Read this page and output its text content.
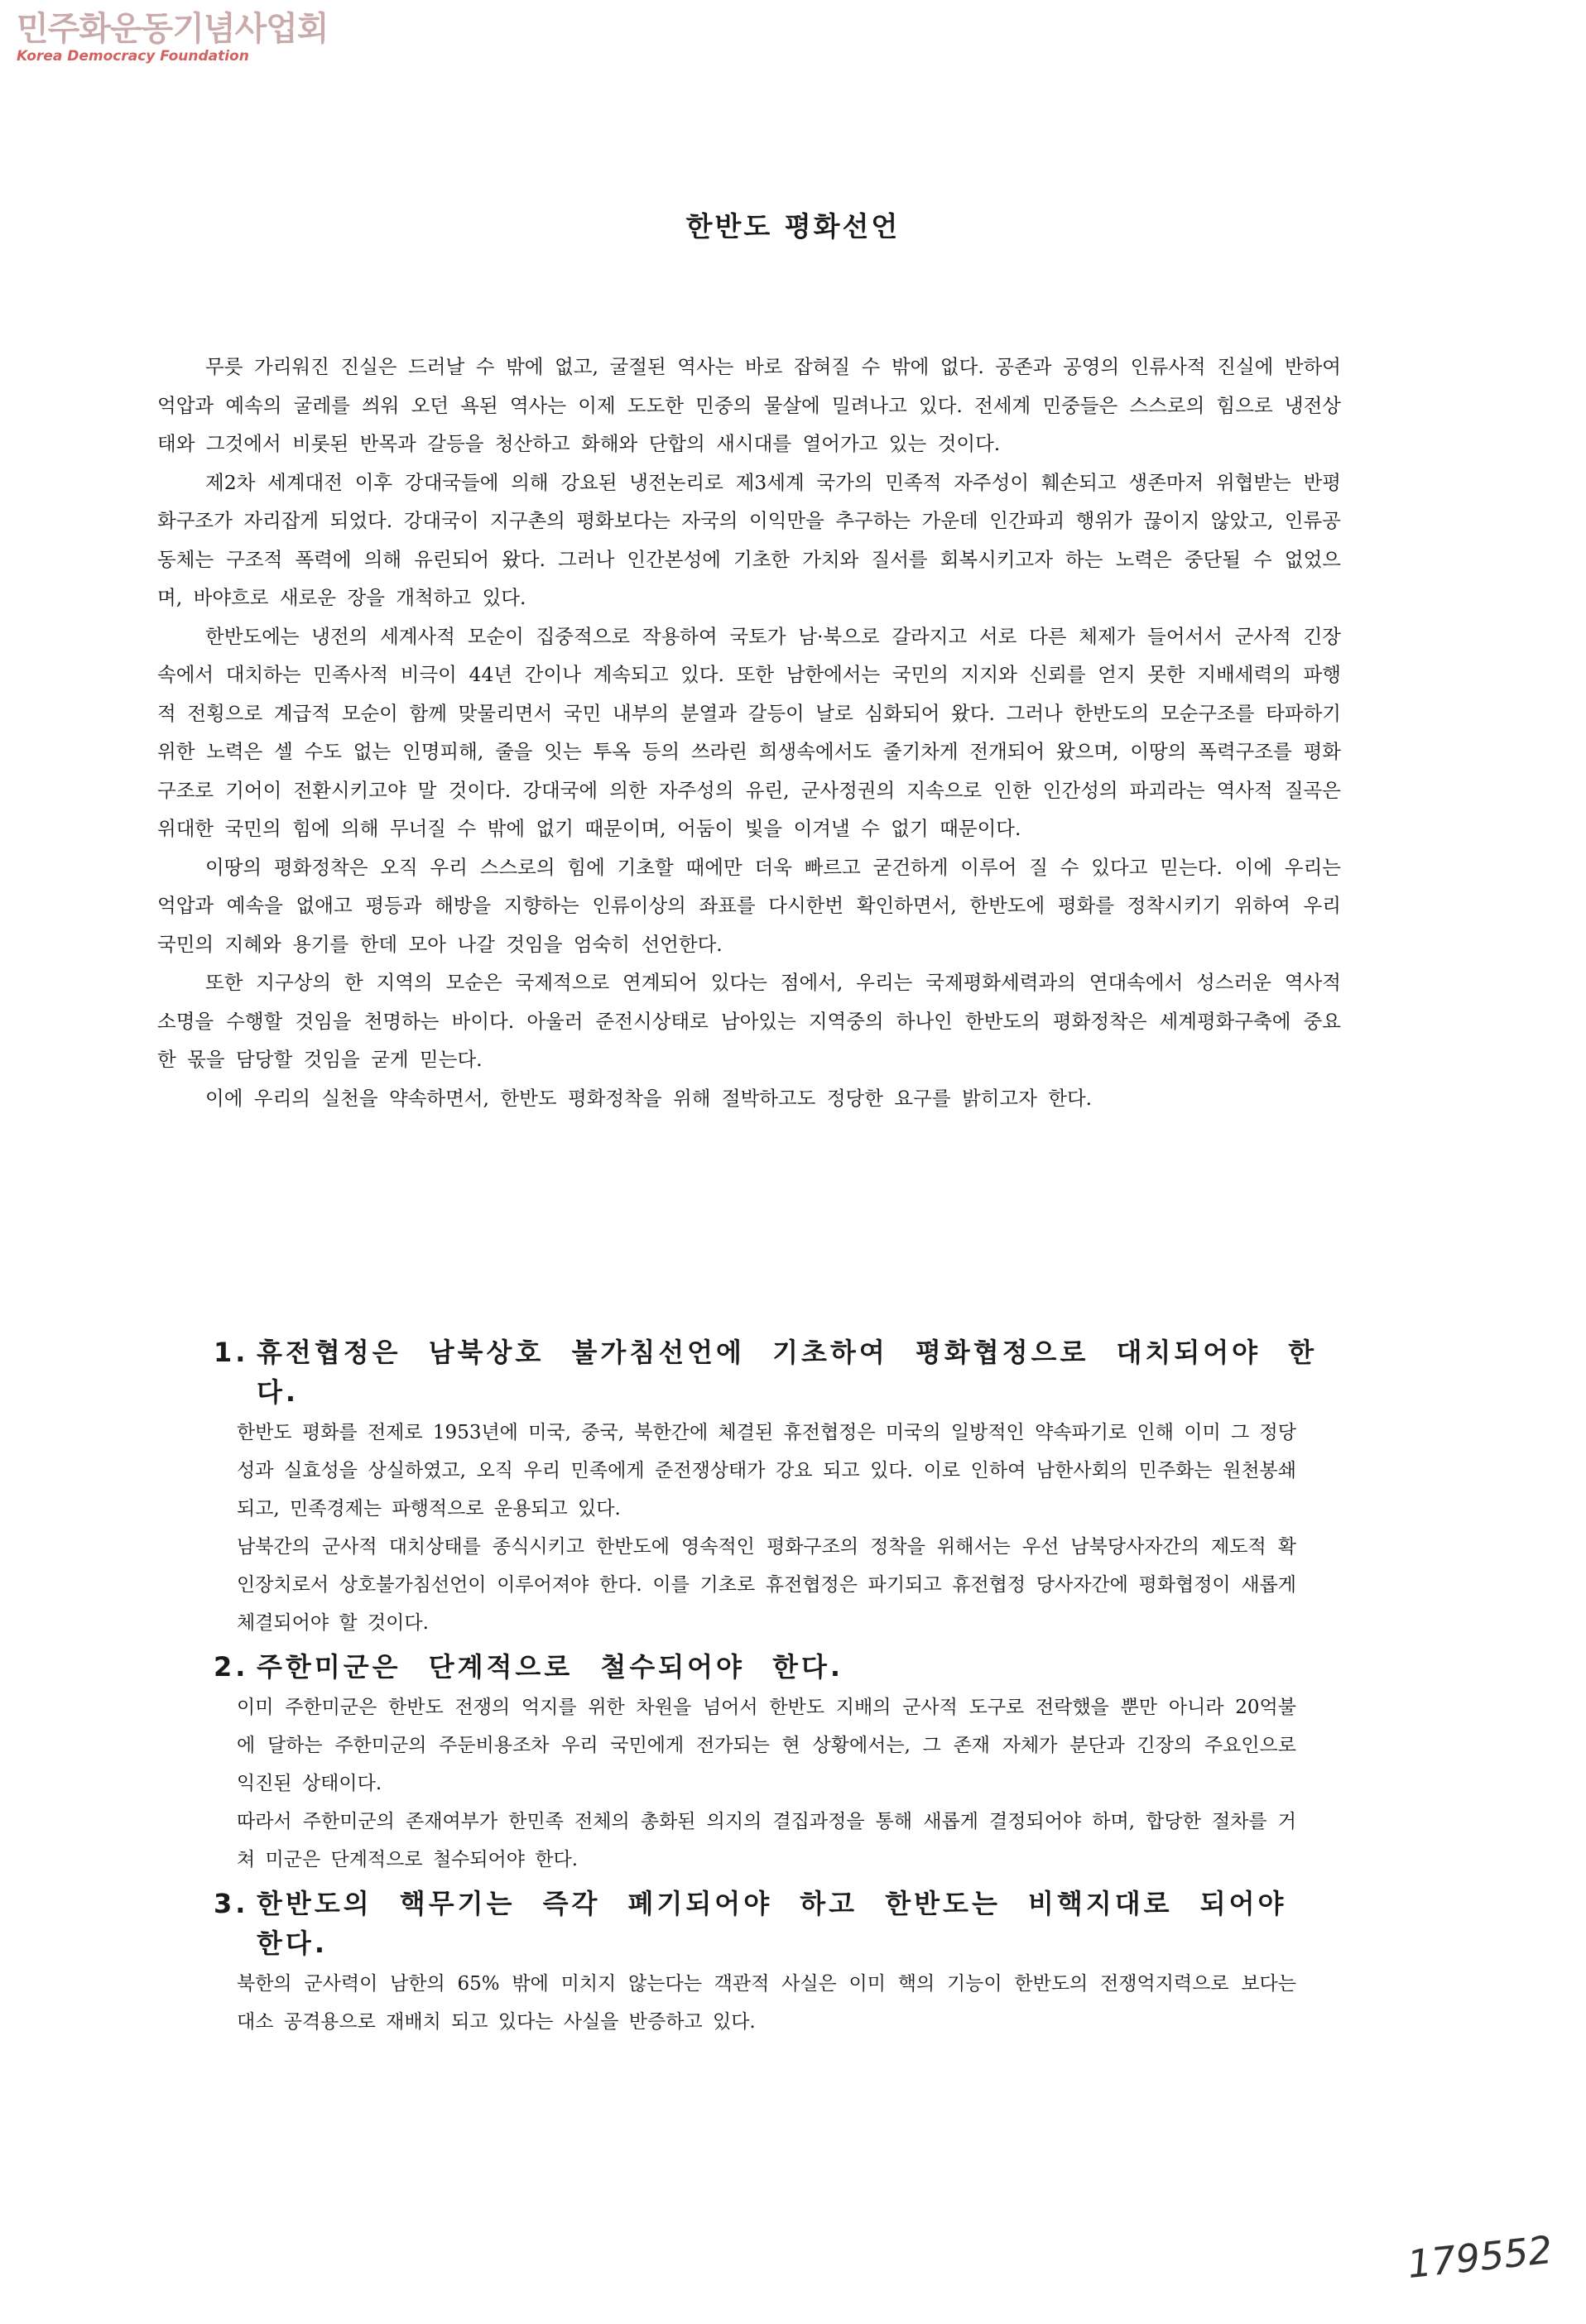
민주화운동기념사업회
Korea Democracy Foundation
한반도 평화선언

무릇 가리워진 진실은 드러날 수 밖에 없고, 굴절된 역사는 바로 잡혀질 수 밖에 없다. 공존과 공영의 인류사적 진실에 반하여 억압과 예속의 굴레를 씌워 오던 욕된 역사는 이제 도도한 민중의 물살에 밀려나고 있다. 전세계 민중들은 스스로의 힘으로 냉전상태와 그것에서 비롯된 반목과 갈등을 청산하고 화해와 단합의 새시대를 열어가고 있는 것이다.

제2차 세계대전 이후 강대국들에 의해 강요된 냉전논리로 제3세계 국가의 민족적 자주성이 훼손되고 생존마저 위협받는 반평화구조가 자리잡게 되었다. 강대국이 지구촌의 평화보다는 자국의 이익만을 추구하는 가운데 인간파괴 행위가 끊이지 않았고, 인류공동체는 구조적 폭력에 의해 유린되어 왔다. 그러나 인간본성에 기초한 가치와 질서를 회복시키고자 하는 노력은 중단될 수 없었으며, 바야흐로 새로운 장을 개척하고 있다.

한반도에는 냉전의 세계사적 모순이 집중적으로 작용하여 국토가 남·북으로 갈라지고 서로 다른 체제가 들어서서 군사적 긴장속에서 대치하는 민족사적 비극이 44년 간이나 계속되고 있다. 또한 남한에서는 국민의 지지와 신뢰를 얻지 못한 지배세력의 파행적 전횡으로 계급적 모순이 함께 맞물리면서 국민 내부의 분열과 갈등이 날로 심화되어 왔다. 그러나 한반도의 모순구조를 타파하기 위한 노력은 셀 수도 없는 인명피해, 줄을 잇는 투옥 등의 쓰라린 희생속에서도 줄기차게 전개되어 왔으며, 이땅의 폭력구조를 평화구조로 기어이 전환시키고야 말 것이다. 강대국에 의한 자주성의 유린, 군사정권의 지속으로 인한 인간성의 파괴라는 역사적 질곡은 위대한 국민의 힘에 의해 무너질 수 밖에 없기 때문이며, 어둠이 빛을 이겨낼 수 없기 때문이다.

이땅의 평화정착은 오직 우리 스스로의 힘에 기초할 때에만 더욱 빠르고 굳건하게 이루어 질 수 있다고 믿는다. 이에 우리는 억압과 예속을 없애고 평등과 해방을 지향하는 인류이상의 좌표를 다시한번 확인하면서, 한반도에 평화를 정착시키기 위하여 우리 국민의 지혜와 용기를 한데 모아 나갈 것임을 엄숙히 선언한다.

또한 지구상의 한 지역의 모순은 국제적으로 연계되어 있다는 점에서, 우리는 국제평화세력과의 연대속에서 성스러운 역사적 소명을 수행할 것임을 천명하는 바이다. 아울러 준전시상태로 남아있는 지역중의 하나인 한반도의 평화정착은 세계평화구축에 중요한 몫을 담당할 것임을 굳게 믿는다.

이에 우리의 실천을 약속하면서, 한반도 평화정착을 위해 절박하고도 정당한 요구를 밝히고자 한다.

1. 휴전협정은 남북상호 불가침선언에 기초하여 평화협정으로 대치되어야 한다.

한반도 평화를 전제로 1953년에 미국, 중국, 북한간에 체결된 휴전협정은 미국의 일방적인 약속파기로 인해 이미 그 정당성과 실효성을 상실하였고, 오직 우리 민족에게 준전쟁상태가 강요 되고 있다. 이로 인하여 남한사회의 민주화는 원천봉쇄되고, 민족경제는 파행적으로 운용되고 있다.

남북간의 군사적 대치상태를 종식시키고 한반도에 영속적인 평화구조의 정착을 위해서는 우선 남북당사자간의 제도적 확인장치로서 상호불가침선언이 이루어져야 한다. 이를 기초로 휴전협정은 파기되고 휴전협정 당사자간에 평화협정이 새롭게 체결되어야 할 것이다.

2. 주한미군은 단계적으로 철수되어야 한다.

이미 주한미군은 한반도 전쟁의 억지를 위한 차원을 넘어서 한반도 지배의 군사적 도구로 전락했을 뿐만 아니라 20억불에 달하는 주한미군의 주둔비용조차 우리 국민에게 전가되는 현 상황에서는, 그 존재 자체가 분단과 긴장의 주요인으로 익진된 상태이다.

따라서 주한미군의 존재여부가 한민족 전체의 총화된 의지의 결집과정을 통해 새롭게 결정되어야 하며, 합당한 절차를 거쳐 미군은 단계적으로 철수되어야 한다.

3. 한반도의 핵무기는 즉각 폐기되어야 하고 한반도는 비핵지대로 되어야 한다.

북한의 군사력이 남한의 65% 밖에 미치지 않는다는 객관적 사실은 이미 핵의 기능이 한반도의 전쟁억지력으로 보다는 대소 공격용으로 재배치 되고 있다는 사실을 반증하고 있다.

179552
